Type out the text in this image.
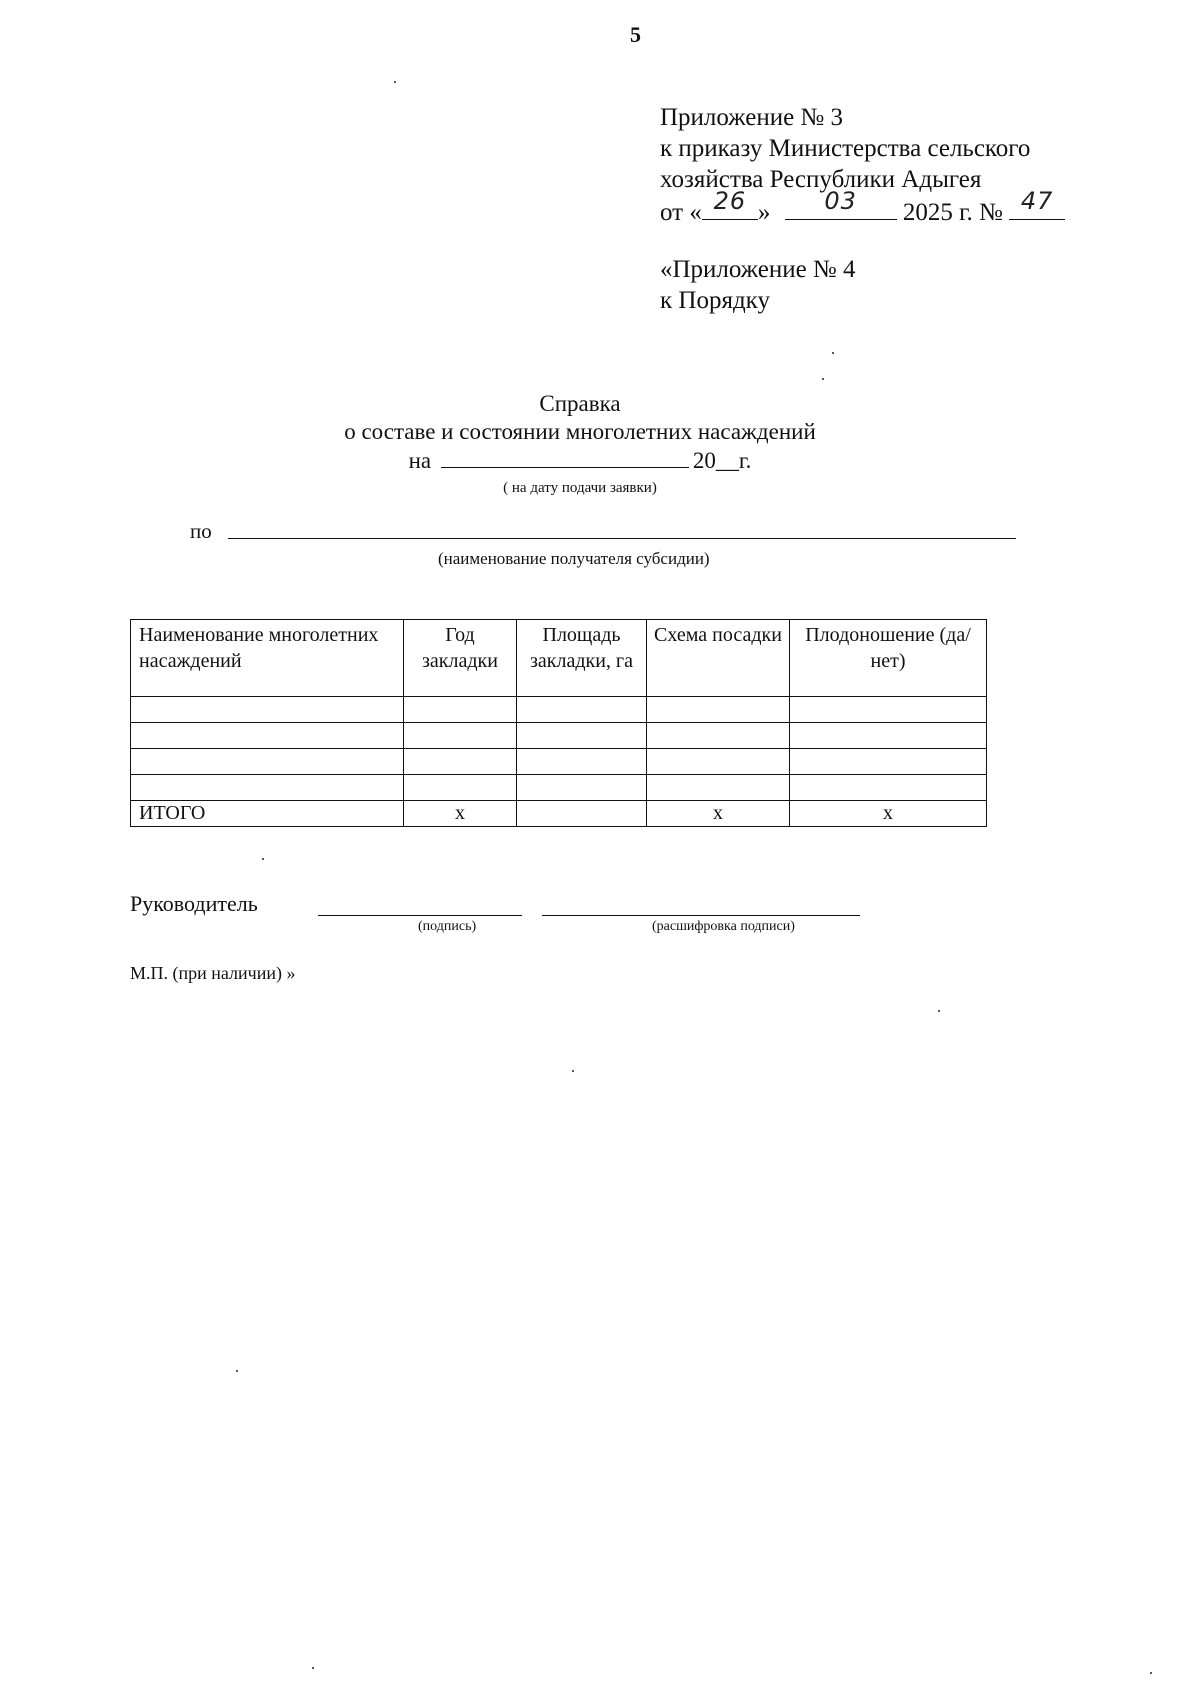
5
Приложение № 3
к приказу Министерства сельского
хозяйства Республики Адыгея
от « 26 »	03	2025 г. № 47
«Приложение № 4
к Порядку
Справка
о составе и состоянии многолетних насаждений
на	20__г.
( на дату подачи заявки)
по
(наименование получателя субсидии)
Наименование многолетних насаждений	Год закладки	Площадь закладки, га	Схема посадки	Плодоношение (да/нет)

ИТОГО	х		х	х
Руководитель
(подпись)	(расшифровка подписи)
М.П. (при наличии) »
